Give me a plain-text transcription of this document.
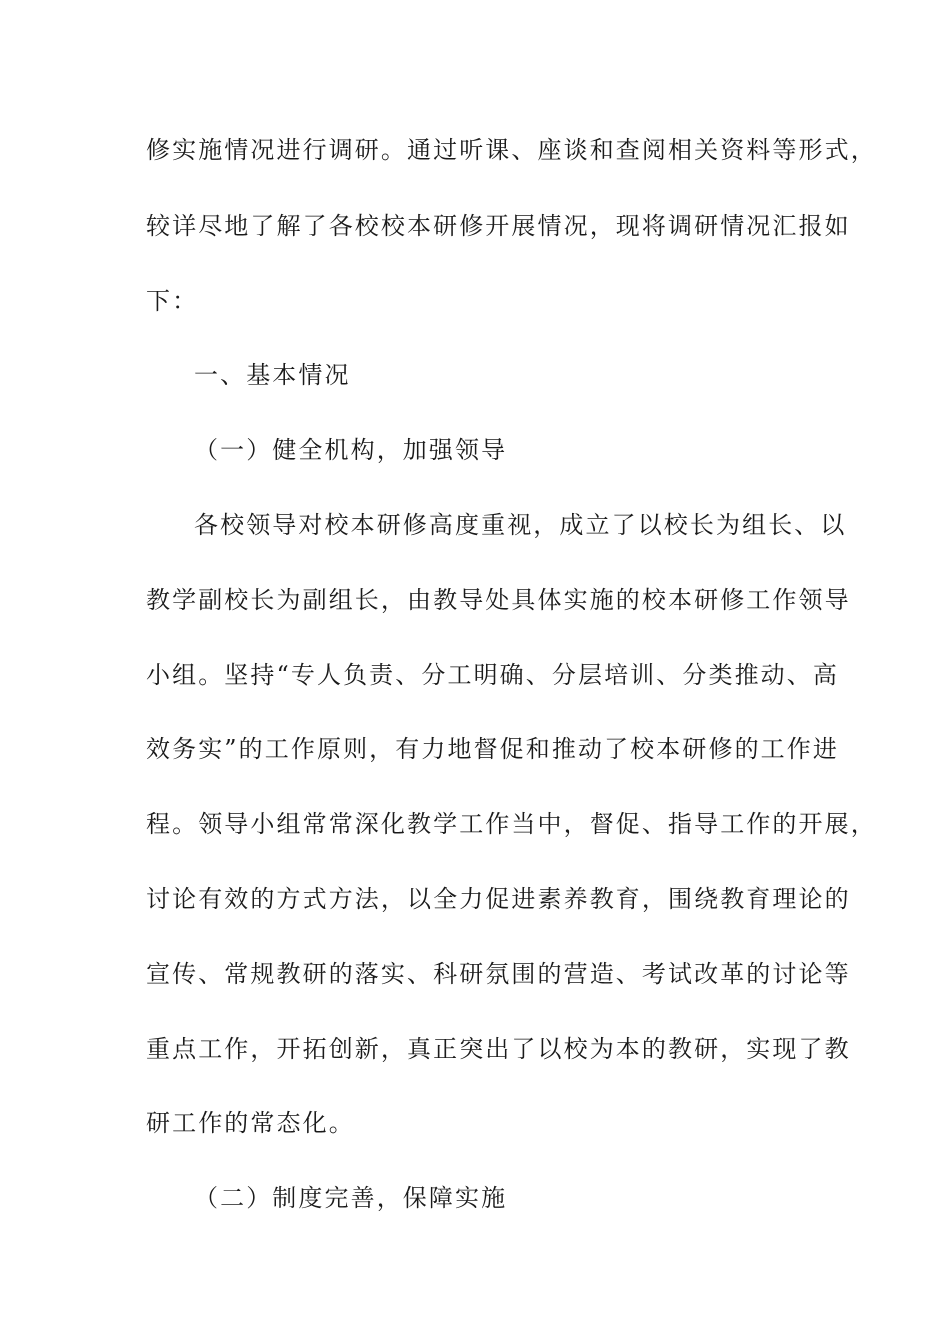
修实施情况进行调研。通过听课、座谈和查阅相关资料等形式，
较详尽地了解了各校校本研修开展情况，现将调研情况汇报如
下：
一、基本情况
（一）健全机构，加强领导
各校领导对校本研修高度重视，成立了以校长为组长、以
教学副校长为副组长，由教导处具体实施的校本研修工作领导
小组。坚持“专人负责、分工明确、分层培训、分类推动、高
效务实”的工作原则，有力地督促和推动了校本研修的工作进
程。领导小组常常深化教学工作当中，督促、指导工作的开展，
讨论有效的方式方法，以全力促进素养教育，围绕教育理论的
宣传、常规教研的落实、科研氛围的营造、考试改革的讨论等
重点工作，开拓创新，真正突出了以校为本的教研，实现了教
研工作的常态化。
（二）制度完善，保障实施
